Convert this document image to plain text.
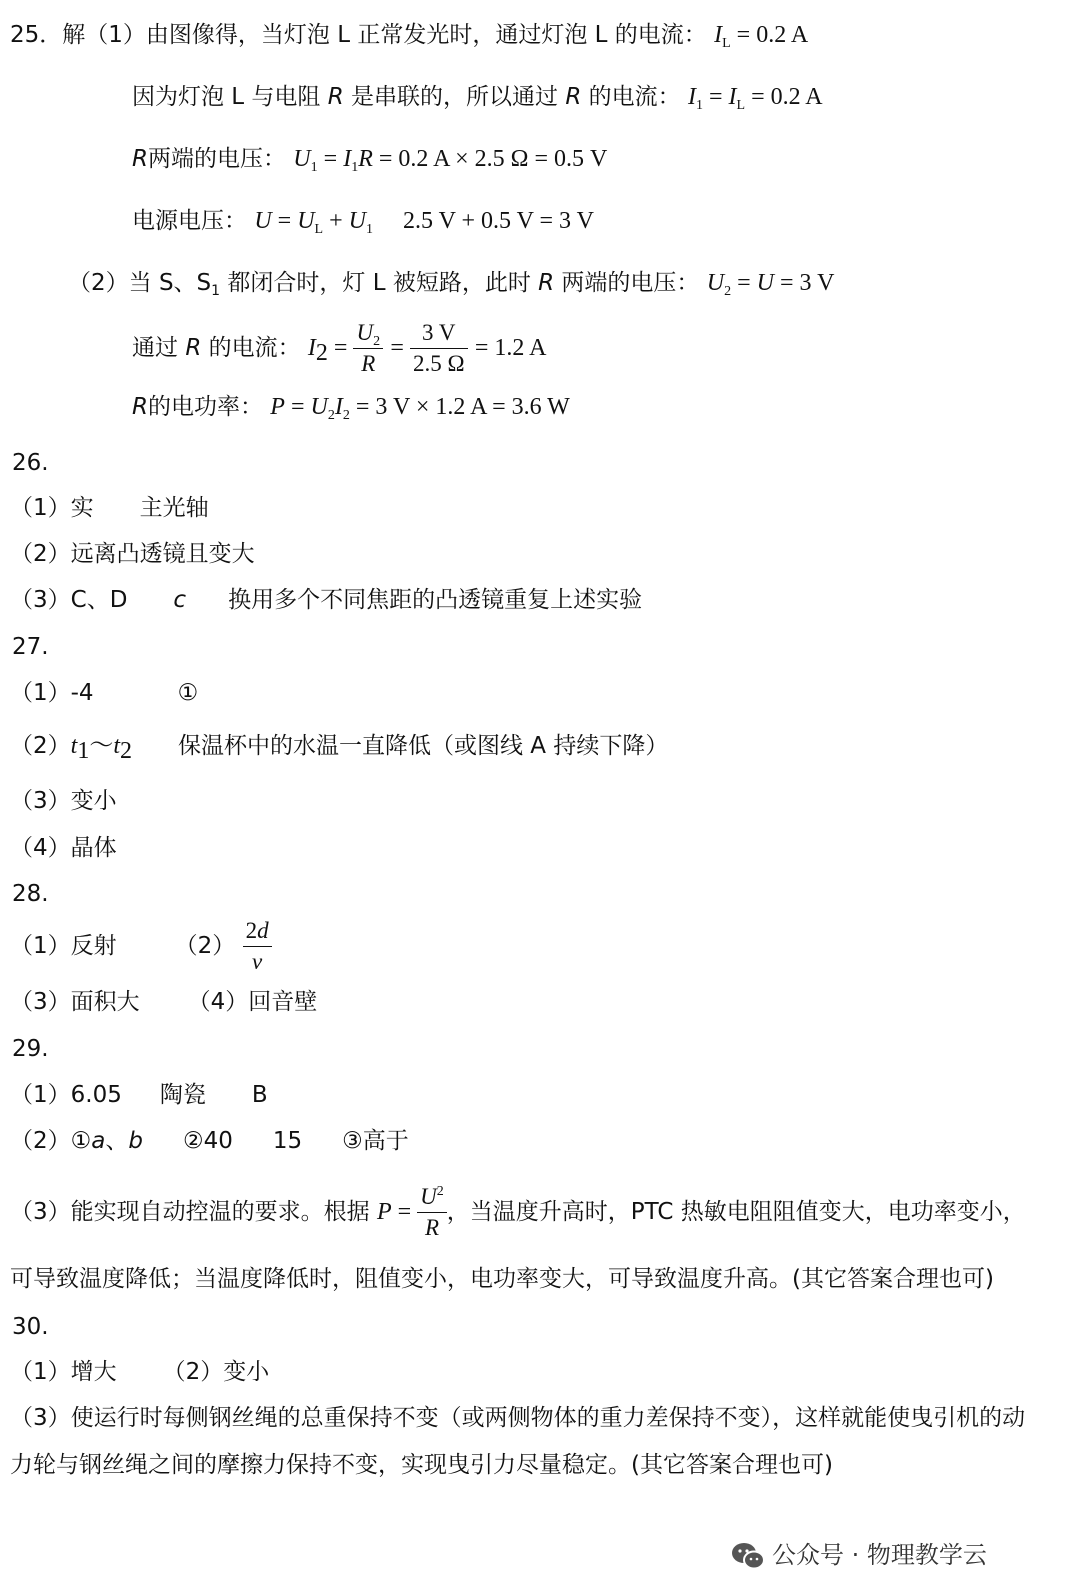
25．解（1）由图像得，当灯泡 L 正常发光时，通过灯泡 L 的电流： $I_L = 0.2$ A
因为灯泡 L 与电阻 R 是串联的，所以通过 R 的电流： $I_1 = I_L = 0.2$ A
R两端的电压： $U_1 = I_1R = 0.2$ A × 2.5 Ω = 0.5 V
电源电压： $U = U_L + U_1$ 2.5 V + 0.5 V = 3 V
（2）当 S、$S_1$ 都闭合时，灯 L 被短路，此时 R 两端的电压： $U_2 = U = 3$ V
通过 R 的电流： $I_2 = \frac{U_2}{R} = \frac{3 V}{2.5 \Omega} = 1.2$ A
R的电功率： $P = U_2I_2 = 3$ V × 1.2 A = 3.6 W
26.
（1）实 主光轴
（2）远离凸透镜且变大
（3）C、D c 换用多个不同焦距的凸透镜重复上述实验
27.
（1）-4	①
$(2)t_1\sim t_2$ 保温杯中的水温一直降低（或图线 A 持续下降）
（3）变小
（4）晶体
28.
（1）反射	$(2) \frac{2d}{v}$
（3）面积大 （4）回音壁
29.
（1）6.05 陶瓷 B
（2）①a、b ②40 15 ③高于
（3）能实现自动控温的要求。根据 $P = \frac{U^2}{R}$ ，当温度升高时，PTC 热敏电阻阻值变大，电功率变小，
可导致温度降低；当温度降低时，阻值变小，电功率变大，可导致温度升高。(其它答案合理也可)
30.
（1）增大 （2）变小
（3）使运行时每侧钢丝绳的总重保持不变（或两侧物体的重力差保持不变），这样就能使曳引机的动
力轮与钢丝绳之间的摩擦力保持不变，实现曳引力尽量稳定。(其它答案合理也可)
公众号 · 物理教学云
